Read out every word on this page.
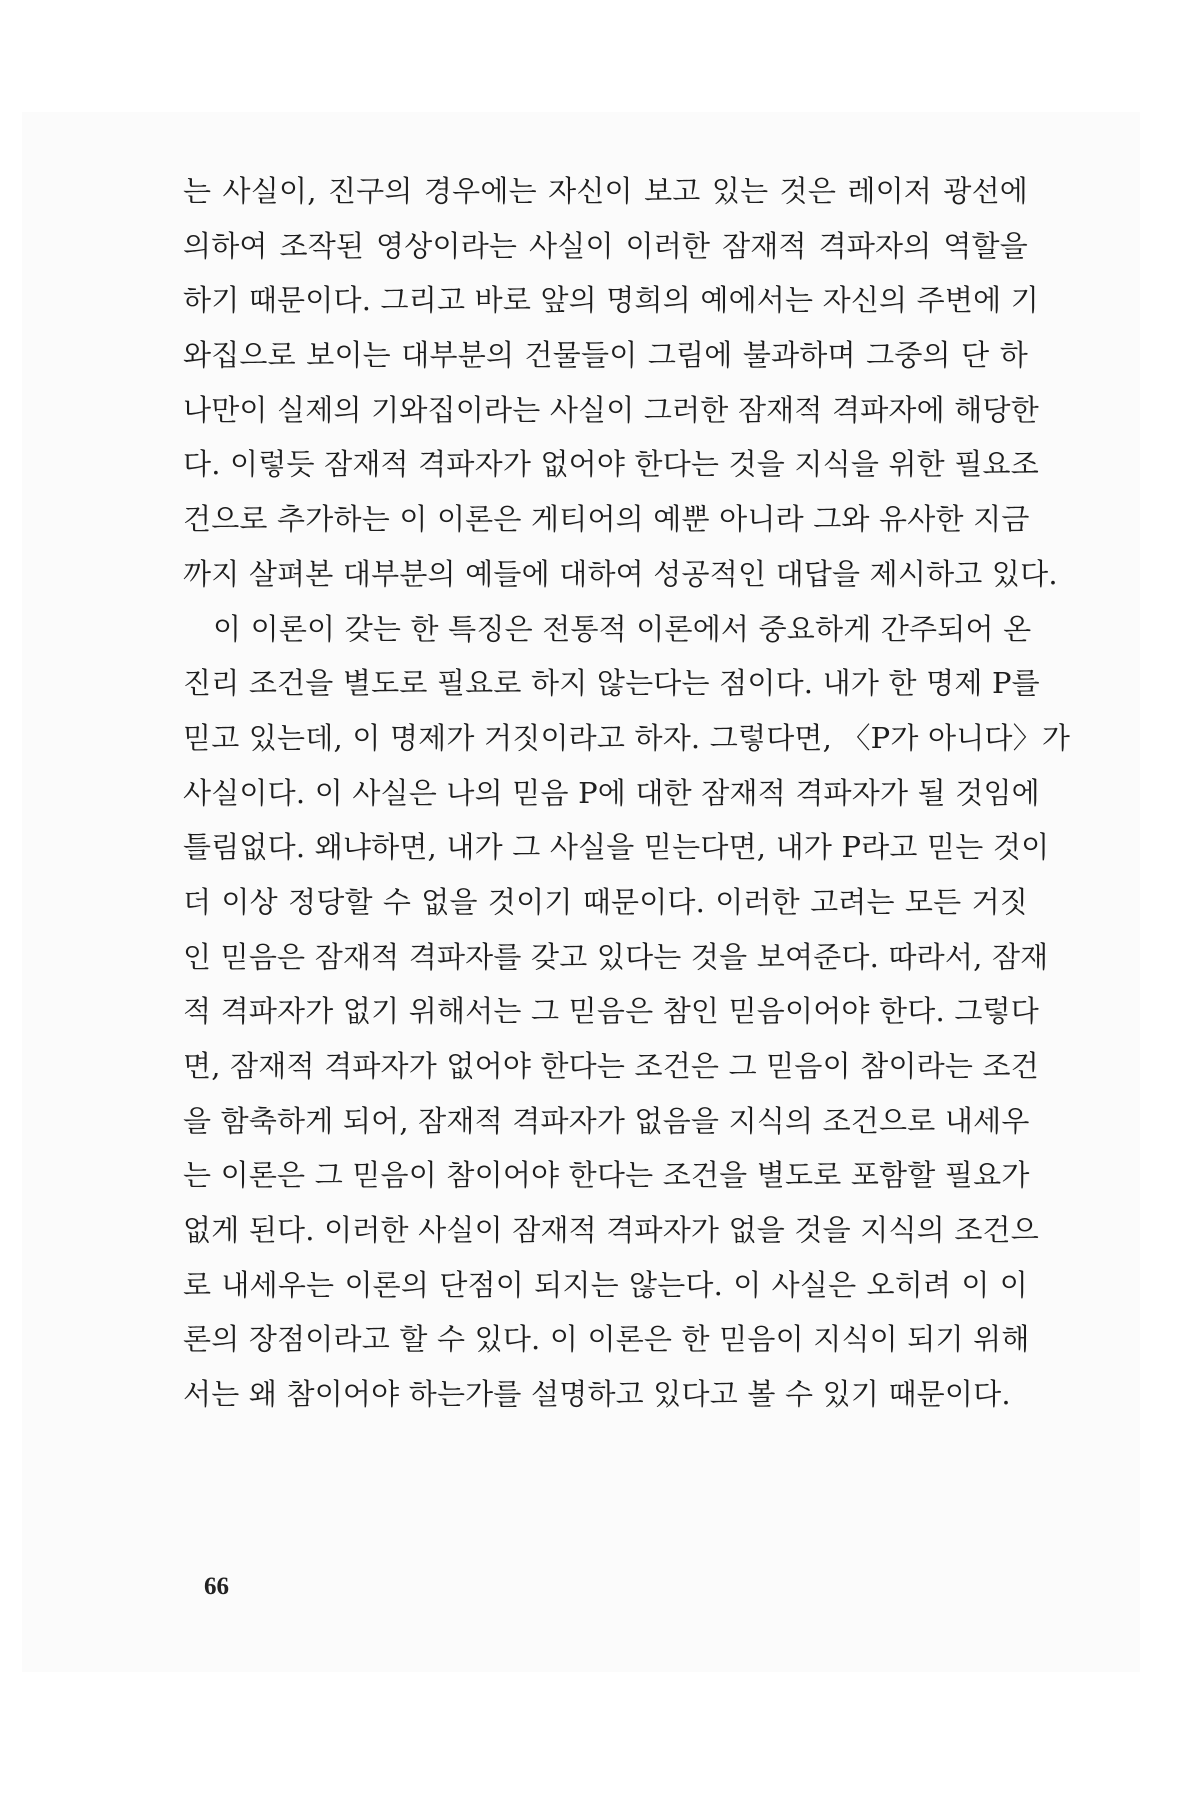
는 사실이, 진구의 경우에는 자신이 보고 있는 것은 레이저 광선에
의하여 조작된 영상이라는 사실이 이러한 잠재적 격파자의 역할을
하기 때문이다. 그리고 바로 앞의 명희의 예에서는 자신의 주변에 기
와집으로 보이는 대부분의 건물들이 그림에 불과하며 그중의 단 하
나만이 실제의 기와집이라는 사실이 그러한 잠재적 격파자에 해당한
다. 이렇듯 잠재적 격파자가 없어야 한다는 것을 지식을 위한 필요조
건으로 추가하는 이 이론은 게티어의 예뿐 아니라 그와 유사한 지금
까지 살펴본 대부분의 예들에 대하여 성공적인 대답을 제시하고 있다.
이 이론이 갖는 한 특징은 전통적 이론에서 중요하게 간주되어 온
진리 조건을 별도로 필요로 하지 않는다는 점이다. 내가 한 명제 P를
믿고 있는데, 이 명제가 거짓이라고 하자. 그렇다면, 〈P가 아니다〉가
사실이다. 이 사실은 나의 믿음 P에 대한 잠재적 격파자가 될 것임에
틀림없다. 왜냐하면, 내가 그 사실을 믿는다면, 내가 P라고 믿는 것이
더 이상 정당할 수 없을 것이기 때문이다. 이러한 고려는 모든 거짓
인 믿음은 잠재적 격파자를 갖고 있다는 것을 보여준다. 따라서, 잠재
적 격파자가 없기 위해서는 그 믿음은 참인 믿음이어야 한다. 그렇다
면, 잠재적 격파자가 없어야 한다는 조건은 그 믿음이 참이라는 조건
을 함축하게 되어, 잠재적 격파자가 없음을 지식의 조건으로 내세우
는 이론은 그 믿음이 참이어야 한다는 조건을 별도로 포함할 필요가
없게 된다. 이러한 사실이 잠재적 격파자가 없을 것을 지식의 조건으
로 내세우는 이론의 단점이 되지는 않는다. 이 사실은 오히려 이 이
론의 장점이라고 할 수 있다. 이 이론은 한 믿음이 지식이 되기 위해
서는 왜 참이어야 하는가를 설명하고 있다고 볼 수 있기 때문이다.
66
